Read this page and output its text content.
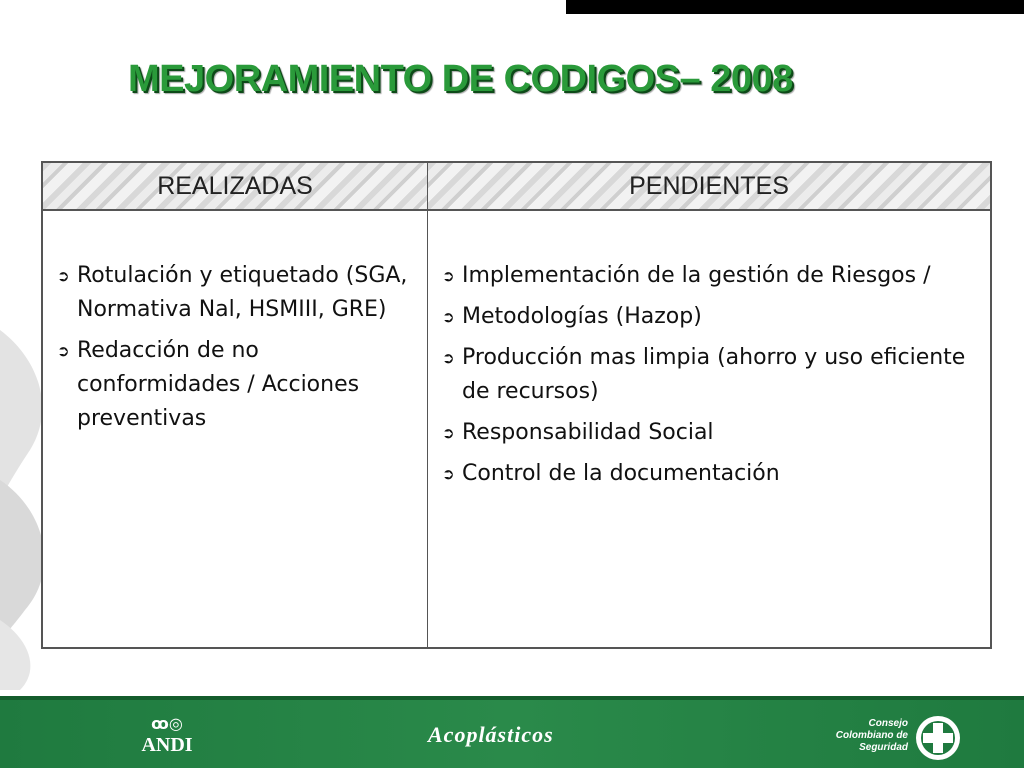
MEJORAMIENTO DE CODIGOS– 2008
REALIZADAS
➲ Rotulación y etiquetado (SGA, Normativa Nal, HSMIII, GRE)
➲ Redacción de no conformidades / Acciones preventivas
PENDIENTES
➲ Implementación de la gestión de Riesgos /
➲ Metodologías (Hazop)
➲ Producción mas limpia (ahorro y uso eficiente de recursos)
➲ Responsabilidad Social
➲ Control de la documentación
ꝏ◎
ANDI	Acoplásticos	Consejo
Colombiano de
Seguridad
